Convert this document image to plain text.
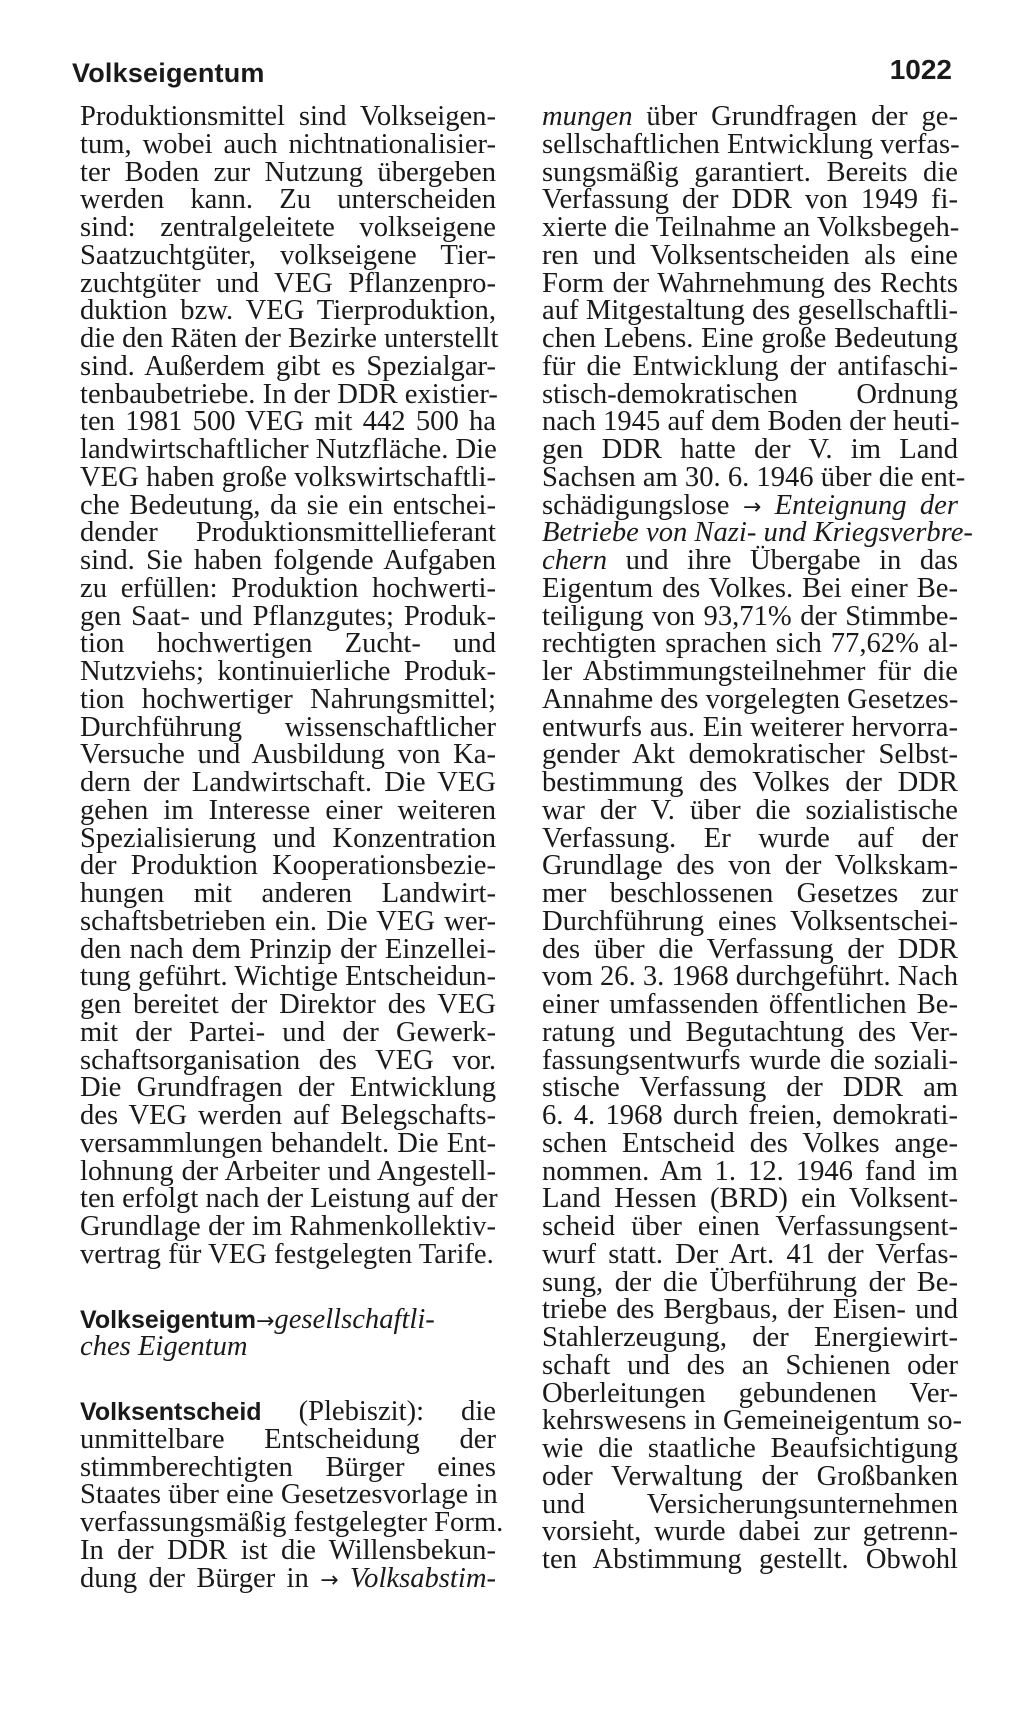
Volkseigentum	1022
Produktionsmittel sind Volkseigen-
tum, wobei auch nichtnationalisier-
ter Boden zur Nutzung übergeben
werden kann. Zu unterscheiden
sind: zentralgeleitete volkseigene
Saatzuchtgüter, volkseigene Tier-
zuchtgüter und VEG Pflanzenpro-
duktion bzw. VEG Tierproduktion,
die den Räten der Bezirke unterstellt
sind. Außerdem gibt es Spezialgar-
tenbaubetriebe. In der DDR existier-
ten 1981 500 VEG mit 442 500 ha
landwirtschaftlicher Nutzfläche. Die
VEG haben große volkswirtschaftli-
che Bedeutung, da sie ein entschei-
dender Produktionsmittellieferant
sind. Sie haben folgende Aufgaben
zu erfüllen: Produktion hochwerti-
gen Saat- und Pflanzgutes; Produk-
tion hochwertigen Zucht- und
Nutzviehs; kontinuierliche Produk-
tion hochwertiger Nahrungsmittel;
Durchführung wissenschaftlicher
Versuche und Ausbildung von Ka-
dern der Landwirtschaft. Die VEG
gehen im Interesse einer weiteren
Spezialisierung und Konzentration
der Produktion Kooperationsbezie-
hungen mit anderen Landwirt-
schaftsbetrieben ein. Die VEG wer-
den nach dem Prinzip der Einzellei-
tung geführt. Wichtige Entscheidun-
gen bereitet der Direktor des VEG
mit der Partei- und der Gewerk-
schaftsorganisation des VEG vor.
Die Grundfragen der Entwicklung
des VEG werden auf Belegschafts-
versammlungen behandelt. Die Ent-
lohnung der Arbeiter und Angestell-
ten erfolgt nach der Leistung auf der
Grundlage der im Rahmenkollektiv-
vertrag für VEG festgelegten Tarife.
Volkseigentum→gesellschaftli-
ches Eigentum
Volksentscheid (Plebiszit): die
unmittelbare Entscheidung der
stimmberechtigten Bürger eines
Staates über eine Gesetzesvorlage in
verfassungsmäßig festgelegter Form.
In der DDR ist die Willensbekun-
dung der Bürger in → Volksabstim-
mungen über Grundfragen der ge-
sellschaftlichen Entwicklung verfas-
sungsmäßig garantiert. Bereits die
Verfassung der DDR von 1949 fi-
xierte die Teilnahme an Volksbegeh-
ren und Volksentscheiden als eine
Form der Wahrnehmung des Rechts
auf Mitgestaltung des gesellschaftli-
chen Lebens. Eine große Bedeutung
für die Entwicklung der antifaschi-
stisch-demokratischen Ordnung
nach 1945 auf dem Boden der heuti-
gen DDR hatte der V. im Land
Sachsen am 30. 6. 1946 über die ent-
schädigungslose → Enteignung der
Betriebe von Nazi- und Kriegsverbre-
chern und ihre Übergabe in das
Eigentum des Volkes. Bei einer Be-
teiligung von 93,71% der Stimmbe-
rechtigten sprachen sich 77,62% al-
ler Abstimmungsteilnehmer für die
Annahme des vorgelegten Gesetzes-
entwurfs aus. Ein weiterer hervorra-
gender Akt demokratischer Selbst-
bestimmung des Volkes der DDR
war der V. über die sozialistische
Verfassung. Er wurde auf der
Grundlage des von der Volkskam-
mer beschlossenen Gesetzes zur
Durchführung eines Volksentschei-
des über die Verfassung der DDR
vom 26. 3. 1968 durchgeführt. Nach
einer umfassenden öffentlichen Be-
ratung und Begutachtung des Ver-
fassungsentwurfs wurde die soziali-
stische Verfassung der DDR am
6. 4. 1968 durch freien, demokrati-
schen Entscheid des Volkes ange-
nommen. Am 1. 12. 1946 fand im
Land Hessen (BRD) ein Volksent-
scheid über einen Verfassungsent-
wurf statt. Der Art. 41 der Verfas-
sung, der die Überführung der Be-
triebe des Bergbaus, der Eisen- und
Stahlerzeugung, der Energiewirt-
schaft und des an Schienen oder
Oberleitungen gebundenen Ver-
kehrswesens in Gemeineigentum so-
wie die staatliche Beaufsichtigung
oder Verwaltung der Großbanken
und Versicherungsunternehmen
vorsieht, wurde dabei zur getrenn-
ten Abstimmung gestellt. Obwohl
